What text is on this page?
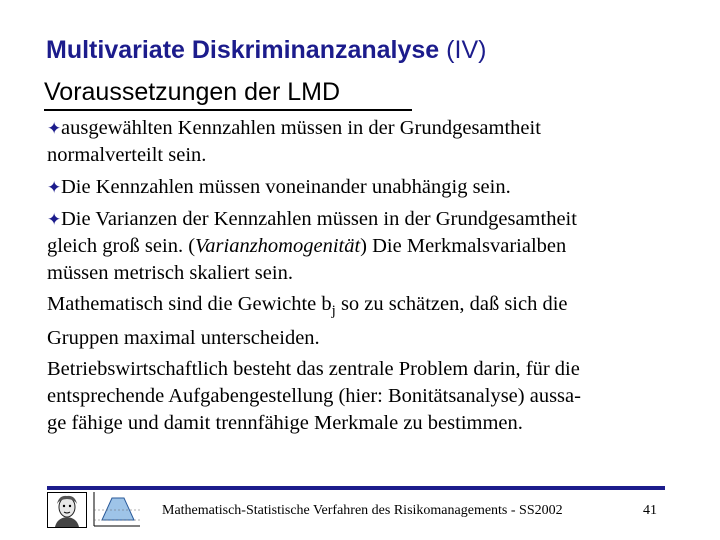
Multivariate Diskriminanzanalyse (IV)
Voraussetzungen der LMD
✦ausgewählten Kennzahlen müssen in der Grundgesamtheit
normalverteilt sein.
✦Die Kennzahlen müssen voneinander unabhängig sein.
✦Die Varianzen der Kennzahlen müssen in der Grundgesamtheit
gleich groß sein. (Varianzhomogenität) Die Merkmalsvarialben
müssen metrisch skaliert sein.
Mathematisch sind die Gewichte $b_j$ so zu schätzen, daß sich die
Gruppen maximal unterscheiden.
Betriebswirtschaftlich besteht das zentrale Problem darin, für die
entsprechende Aufgabengestellung (hier: Bonitätsanalyse) aussa-
ge fähige und damit trennfähige Merkmale zu bestimmen.
Mathematisch-Statistische Verfahren des Risikomanagements - SS2002	41
